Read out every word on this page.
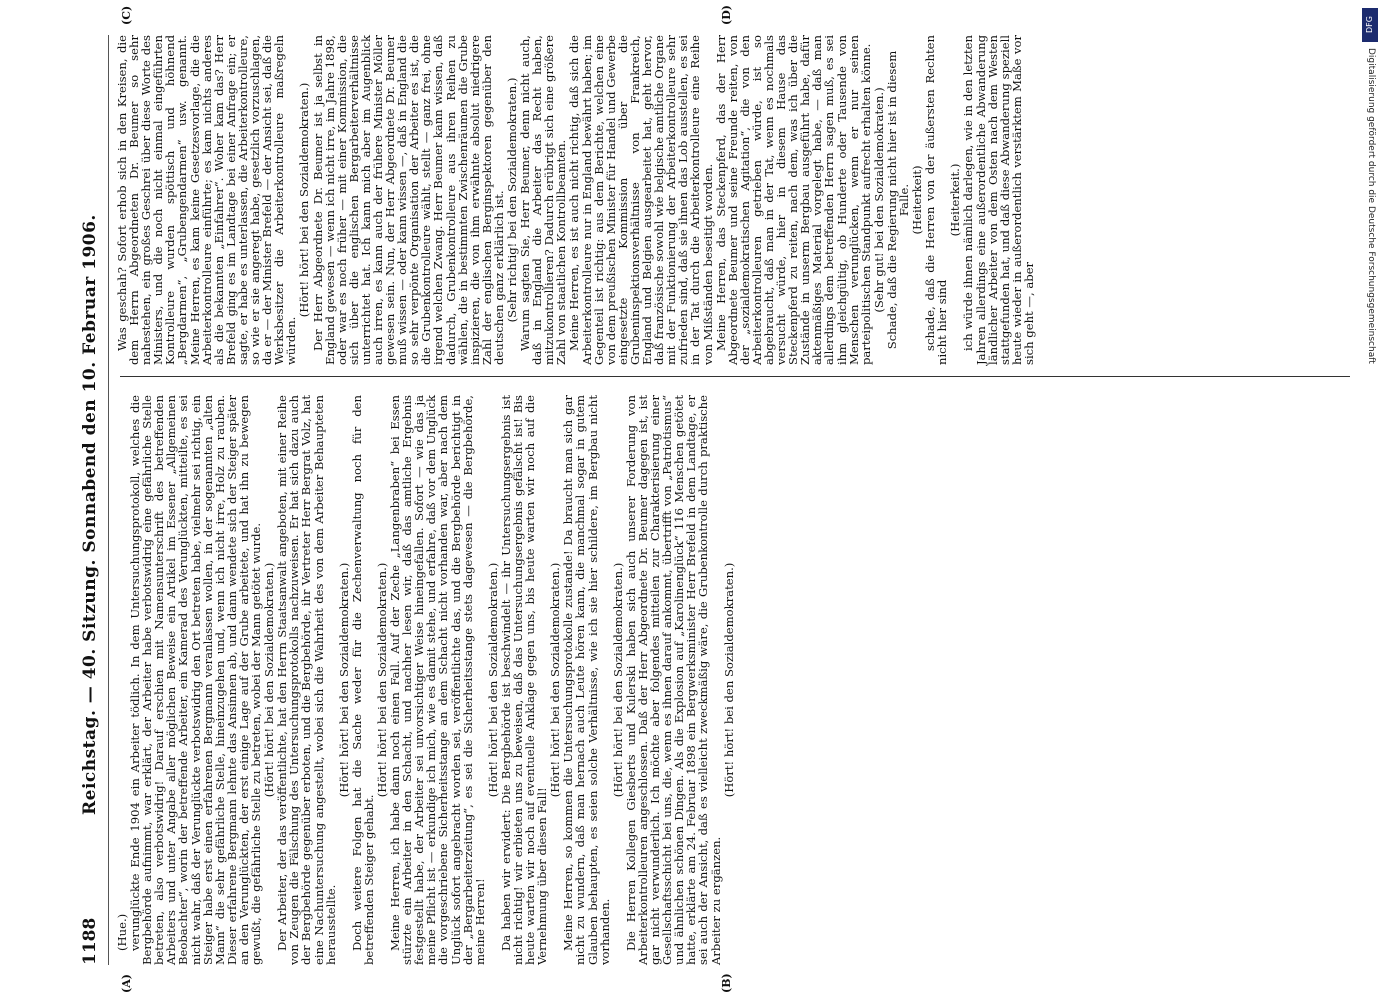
1188
Reichstag. — 40. Sitzung. Sonnabend den 10. Februar 1906.
(A)	(B)
(C)	(D)

(Hue.) verunglückte Ende 1904 ein Arbeiter tödlich. In dem Untersuchungsprotokoll, welches die Bergbehörde aufnimmt, war erklärt, der Arbeiter habe verbotswidrig eine gefährliche Stelle betreten, also verbotswidrig! Darauf erschien mit Namensunterschrift des betreffenden Arbeiters und unter Angabe aller möglichen Beweise ein Artikel im Essener „Allgemeinen Beobachter“, worin der betreffende Arbeiter, ein Kamerad des Verunglückten, mitteilte, es sei nicht wahr, daß der Verunglückte verbotswidrig den Ort betreten habe, vielmehr sei richtig, ein Steiger habe erst einen erfahrenen Bergmann veranlassen wollen, in der sogenannten „alten Mann“ die sehr gefährliche Stelle, hineinzugehen und, wenn ich nicht irre, Holz zu rauben. Dieser erfahrene Bergmann lehnte das Ansinnen ab, und dann wendete sich der Steiger später an den Verunglückten, der erst einige Lage auf der Grube arbeitete, und hat ihn zu bewegen gewußt, die gefährliche Stelle zu betreten, wobei der Mann getötet wurde. (Hört! hört! bei den Sozialdemokraten.) Der Arbeiter, der das veröffentlichte, hat den Herrn Staatsanwalt angeboten, mit einer Reihe von Zeugen die Fälschung des Untersuchungsprotokolls nachzuweisen. Er hat sich dazu auch der Bergbehörde gegenüber erboten, und die Bergbehörde, ihr Vertreter Herr Bergrat Volz, hat eine Nachuntersuchung angestellt, wobei sich die Wahrheit des von dem Arbeiter Behaupteten herausstellte.

(Hört! hört! bei den Sozialdemokraten.) Doch weitere Folgen hat die Sache weder für die Zechenverwaltung noch für den betreffenden Steiger gehabt.

(Hört! hört! bei den Sozialdemokraten.) Meine Herren, ich habe dann noch einen Fall. Auf der Zeche „Langenbraben“ bei Essen stürzte ein Arbeiter in den Schacht, und nachher lesen wir, daß das amtliche Ergebnis festgestellt habe, der Arbeiter sei unvorsichtiger Weise hineingefallen. Sofort — wie das ja meine Pflicht ist — erkundige ich mich, wie es damit stehe, und erfahre, daß vor dem Unglück die vorgeschriebene Sicherheitsstange an dem Schacht nicht vorhanden war, aber nach dem Unglück sofort angebracht worden sei, veröffentlichte das, und die Bergbehörde berichtigt in der „Bergarbeiterzeitung“, es sei die Sicherheitsstange stets dagewesen — die Bergbehörde, meine Herren!

(Hört! hört! bei den Sozialdemokraten.) Da haben wir erwidert: Die Bergbehörde ist beschwindelt — ihr Untersuchungsergebnis ist nicht richtig! wir erbieten uns zu beweisen, daß das Untersuchungsergebnis gefälscht ist! Bis heute warten wir noch auf eventuelle Anklage gegen uns, bis heute warten wir noch auf die Vernehmung über diesen Fall!

(Hört! hört! bei den Sozialdemokraten.) Meine Herren, so kommen die Untersuchungsprotokolle zustande! Da braucht man sich gar nicht zu wundern, daß man hernach auch Leute hören kann, die manchmal sogar in gutem Glauben behaupten, es seien solche Verhältnisse, wie ich sie hier schildere, im Bergbau nicht vorhanden.

(Hört! hört! bei den Sozialdemokraten.) Die Herren Kollegen Giesberts und Kulerski haben sich auch unserer Forderung von Arbeiterkontrolleuren angeschlossen. Daß der Herr Abgeordnete Dr. Beumer dagegen ist, ist gar nicht verwunderlich. Ich möchte aber folgendes mitteilen zur Charakterisierung einer Gesellschaftsschicht bei uns, die, wenn es ihnen darauf ankommt, übertrifft von „Patriotismus“ und ähnlichen schönen Dingen. Als die Explosion auf „Karolinenglück“ 116 Menschen getötet hatte, erklärte am 24. Februar 1898 ein Bergwerksminister Herr Brefeld in dem Landtage, er sei auch der Ansicht, daß es vielleicht zweckmäßig wäre, die Grubenkontrolle durch praktische Arbeiter zu ergänzen.

(Hört! hört! bei den Sozialdemokraten.)

Was geschah? Sofort erhob sich in den Kreisen, die dem Herrn Abgeordneten Dr. Beumer so sehr nahestehen, ein großes Geschrei über diese Worte des Ministers, und die noch nicht einmal eingeführten Kontrolleure wurden spöttisch und höhnend „Bergdarmen“, „Grubengendarmen“ usw. genannt. Meine Herren, es kam keine Gesetzesvorlage, die die Arbeiterkontrolleure einführte; es kam nichts anderes als die bekannten „Einfahrer“. Woher kam das? Herr Brefeld ging es im Landtage bei einer Anfrage ein; er sagte, er habe es unterlassen, die Arbeiterkontrolleure, so wie er sie angeregt habe, gesetzlich vorzuschlagen, da er — der Minister Brefeld — der Ansicht sei, daß die Werksbesitzer die Arbeiterkontrolleure maßregeln würden.

(Hört! hört! bei den Sozialdemokraten.) Der Herr Abgeordnete Dr. Beumer ist ja selbst in England gewesen — wenn ich nicht irre, im Jahre 1898, oder war es noch früher — mit einer Kommission, die sich über die englischen Bergarbeiterverhältnisse unterrichtet hat. Ich kann mich aber im Augenblick auch irren, es kann auch der frühere Minister Möller gewesen sein. Nun, der Herr Abgeordnete Dr. Beumer muß wissen — oder kann wissen —, daß in England die so sehr verpönte Organisation der Arbeiter es ist, die die Grubenkontrolleure wählt, stellt — ganz frei, ohne irgend welchen Zwang. Herr Beumer kann wissen, daß dadurch, Grubenkontrolleure aus ihren Reihen zu wählen, die in bestimmten Zwischenräumen die Grube inspizieren, die von ihm erwähnte absolut niedrigere Zahl der englischen Berginspektoren gegenüber den deutschen ganz erklärlich ist. (Sehr richtig! bei den Sozialdemokraten.) Warum sagten Sie, Herr Beumer, denn nicht auch, daß in England die Arbeiter das Recht haben, mitzukontrollieren? Dadurch erübrigt sich eine größere Zahl von staatlichen Kontrollbeamten. Meine Herren, es ist auch nicht richtig, daß sich die Arbeiterkontrolleure nur in England bewährt haben; im Gegenteil ist richtig: aus dem Berichte, welchen eine von dem preußischen Minister für Handel und Gewerbe eingesetzte Kommission über die Grubeninspektionsverhältnisse von Frankreich, England und Belgien ausgearbeitet hat, geht hervor, daß französische sowohl wie belgische amtliche Organe mit der Funktionierung der Arbeiterkontrolleure sehr zufrieden sind, daß sie ihnen das Lob ausstellen, es sei in der Tat durch die Arbeiterkontrolleure eine Reihe von Mißständen beseitigt worden. Meine Herren, das Steckenpferd, das der Herr Abgeordnete Beumer und seine Freunde reiten, von der „sozialdemokratischen Agitation“, die von den Arbeiterkontrolleuren getrieben würde, ist so abgebraucht, daß man in der Tat, wenn es nochmals versucht würde, hier in diesem Hause das Steckenpferd zu reiten, nach dem, was ich über die Zustände in unserm Bergbau ausgeführt habe, dafür aktenmäßiges Material vorgelegt habe, — daß man allerdings dem betreffenden Herrn sagen muß, es sei ihm gleichgültig, ob Hunderte oder Tausende von Menschen verunglücken, wenn er nur seinen parteipolitischen Standpunkt aufrecht erhalten könne. (Sehr gut! bei den Sozialdemokraten.) Schade, daß die Regierung nicht hier ist in diesem Falle. (Heiterkeit) schade, daß die Herren von der äußersten Rechten nicht hier sind

(Heiterkeit.) ich würde ihnen nämlich darlegen, wie in den letzten Jahren allerdings eine außerordentliche Abwanderung ländlicher Arbeiter von dem Osten nach dem Westen stattgefunden hat, und daß diese Abwanderung speziell heute wieder in außerordentlich verstärktem Maße vor sich geht —, aber

DFG
Digitalisierung gefördert durch die Deutsche Forschungsgemeinschaft
